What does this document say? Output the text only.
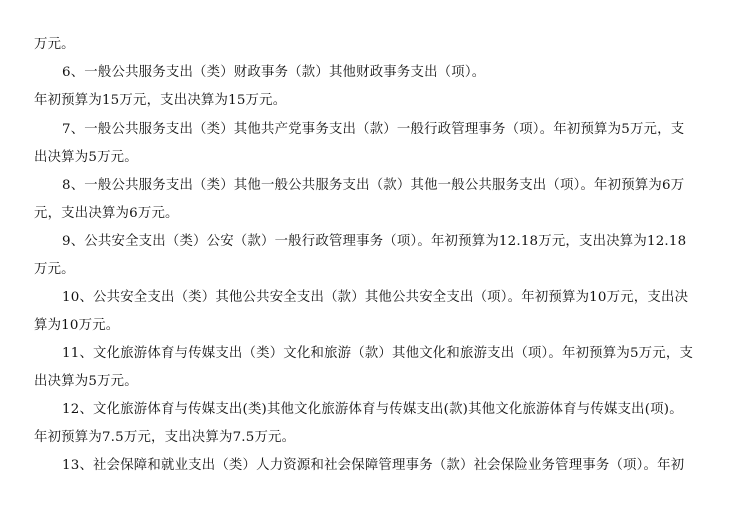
万元。
6、一般公共服务支出（类）财政事务（款）其他财政事务支出（项）。
年初预算为15万元，支出决算为15万元。
7、一般公共服务支出（类）其他共产党事务支出（款）一般行政管理事务（项）。年初预算为5万元，支
出决算为5万元。
8、一般公共服务支出（类）其他一般公共服务支出（款）其他一般公共服务支出（项）。年初预算为6万
元，支出决算为6万元。
9、公共安全支出（类）公安（款）一般行政管理事务（项）。年初预算为12.18万元，支出决算为12.18
万元。
10、公共安全支出（类）其他公共安全支出（款）其他公共安全支出（项）。年初预算为10万元，支出决
算为10万元。
11、文化旅游体育与传媒支出（类）文化和旅游（款）其他文化和旅游支出（项）。年初预算为5万元，支
出决算为5万元。
12、文化旅游体育与传媒支出(类)其他文化旅游体育与传媒支出(款)其他文化旅游体育与传媒支出(项)。
年初预算为7.5万元，支出决算为7.5万元。
13、社会保障和就业支出（类）人力资源和社会保障管理事务（款）社会保险业务管理事务（项）。年初
